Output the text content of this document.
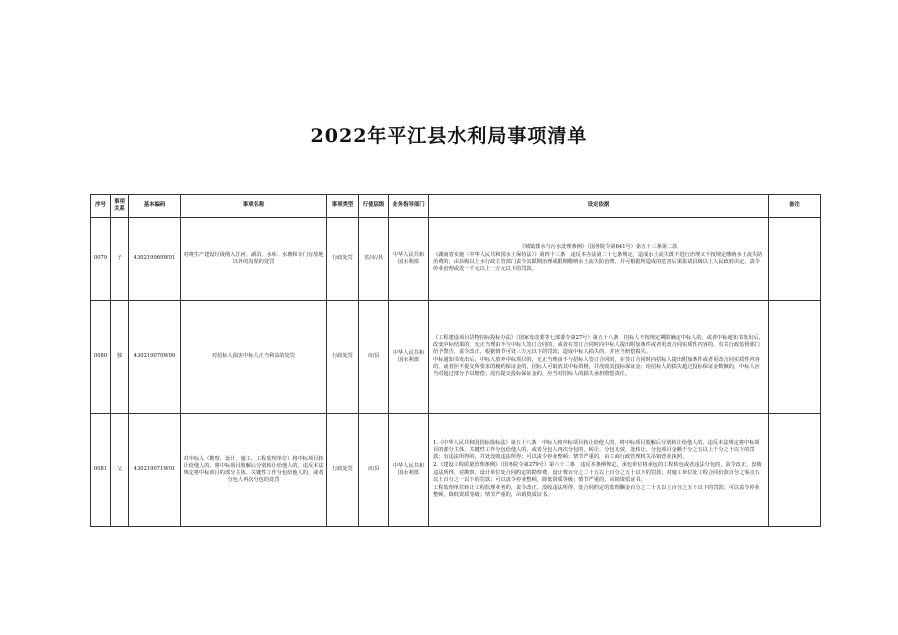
2022年平江县水利局事项清单
序号	事项关系	基本编码	事项名称	事项类型	行使层级	业务指导部门	设定依据	备注
0079	子	430219069W01	对将生产建设垃圾倒入江河、湖泊、水库、水塘和专门存放地以外的沟渠的处罚	行政处罚	省/市/县	中华人民共和国水利部	《城镇排水与污水处理条例》（国务院令第641号）第五十三条第二款

《湖南省实施〈中华人民共和国水土保持法〉》第四十三条　违反本办法第二十七条规定，造成水土流失既不进行治理又不按规定缴纳水土流失防治费的，由县级以上水行政主管部门责令其限期治理或限期缴纳水土流失防治费，并可根据所造成的危害后果报请县级以上人民政府决定，责令停业治理或处一千元以上一万元以下的罚款。	

0080	独	430219070W00	对招标人损害中标人正当利益的处罚	行政处罚	市/县	中华人民共和国水利部	《工程建设项目货物招标投标办法》（国家发改委等七部委令第27号）第五十八条　招标人不按规定期限确定中标人的，或者中标通知书发出后，改变中标结果的，无正当理由不与中标人签订合同的，或者在签订合同时向中标人提出附加条件或者更改合同实质性内容的，有关行政监督部门给予警告，责令改正，根据情节可处三万元以下的罚款；造成中标人损失的，并应当赔偿损失。

中标通知书发出后，中标人放弃中标项目的，无正当理由不与招标人签订合同的，在签订合同时向招标人提出附加条件或者更改合同实质性内容的，或者拒不提交所要求的履约保证金的，招标人可取消其中标资格，并没收其投标保证金；给招标人的损失超过投标保证金数额的，中标人应当对超过部分予以赔偿；没有提交投标保证金的，应当对招标人的损失承担赔偿责任。	

0081	父	430219071W01	对中标人（勘察、设计、施工、工程监理单位）将中标项目转让给他人的，将中标项目肢解后分别转让给他人的，违反本法规定将中标项目的部分主体、关键性工作分包给他人的，或者分包人再次分包的处罚	行政处罚	市/县	中华人民共和国水利部	1.《中华人民共和国招标投标法》第五十八条　中标人将中标项目转让给他人的，将中标项目肢解后分别转让给他人的，违反本法规定将中标项目的部分主体、关键性工作分包给他人的，或者分包人再次分包的，转让、分包无效，处转让、分包项目金额千分之五以上千分之十以下的罚款；有违法所得的，并处没收违法所得；可以责令停业整顿；情节严重的，由工商行政管理机关吊销营业执照。

2.《建设工程质量管理条例》（国务院令第279号）第六十二条　违反本条例规定，承包单位将承包的工程转包或者违法分包的，责令改正，没收违法所得，对勘察、设计单位处合同约定的勘察费、设计费百分之二十五以上百分之五十以下的罚款；对施工单位处工程合同价款百分之零点五以上百分之一以下的罚款；可以责令停业整顿，降低资质等级；情节严重的，吊销资质证书。

工程监理单位转让工程监理业务的，责令改正，没收违法所得，处合同约定的监理酬金百分之二十五以上百分之五十以下的罚款；可以责令停业整顿，降低资质等级；情节严重的，吊销资质证书。	
